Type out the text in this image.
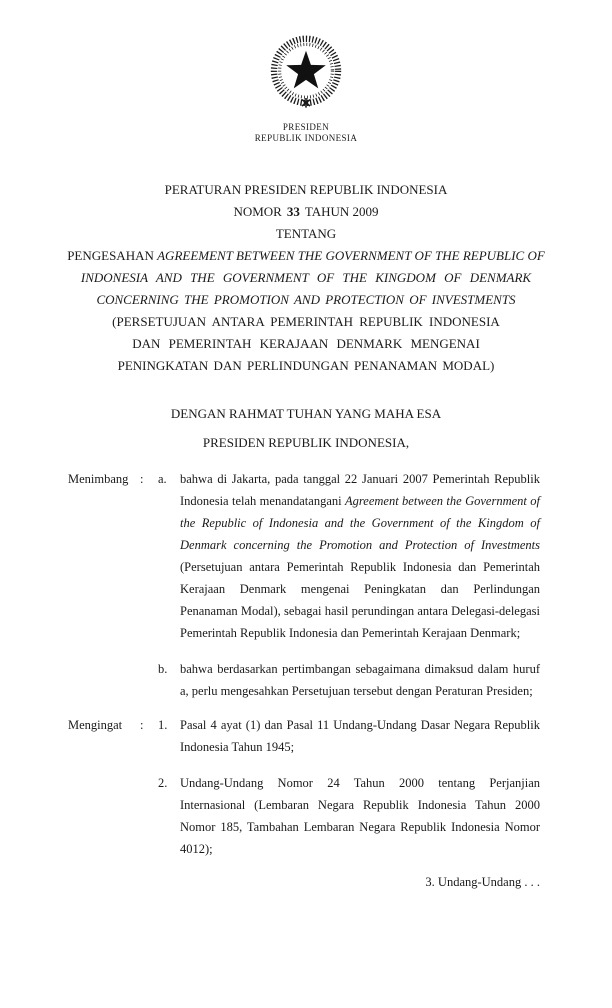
PRESIDEN
REPUBLIK INDONESIA
PERATURAN PRESIDEN REPUBLIK INDONESIA
NOMOR 33 TAHUN 2009
TENTANG
PENGESAHAN AGREEMENT BETWEEN THE GOVERNMENT OF THE REPUBLIC OF
INDONESIA AND THE GOVERNMENT OF THE KINGDOM OF DENMARK
CONCERNING THE PROMOTION AND PROTECTION OF INVESTMENTS
(PERSETUJUAN ANTARA PEMERINTAH REPUBLIK INDONESIA
DAN PEMERINTAH KERAJAAN DENMARK MENGENAI
PENINGKATAN DAN PERLINDUNGAN PENANAMAN MODAL)
DENGAN RAHMAT TUHAN YANG MAHA ESA
PRESIDEN REPUBLIK INDONESIA,
Menimbang :	a.	bahwa di Jakarta, pada tanggal 22 Januari 2007 Pemerintah Republik Indonesia telah menandatangani Agreement between the Government of the Republic of Indonesia and the Government of the Kingdom of Denmark concerning the Promotion and Protection of Investments (Persetujuan antara Pemerintah Republik Indonesia dan Pemerintah Kerajaan Denmark mengenai Peningkatan dan Perlindungan Penanaman Modal), sebagai hasil perundingan antara Delegasi-delegasi Pemerintah Republik Indonesia dan Pemerintah Kerajaan Denmark;

b.	bahwa berdasarkan pertimbangan sebagaimana dimaksud dalam huruf a, perlu mengesahkan Persetujuan tersebut dengan Peraturan Presiden;

Mengingat	:	1.	Pasal 4 ayat (1) dan Pasal 11 Undang-Undang Dasar Negara Republik Indonesia Tahun 1945;

2.	Undang-Undang Nomor 24 Tahun 2000 tentang Perjanjian Internasional (Lembaran Negara Republik Indonesia Tahun 2000 Nomor 185, Tambahan Lembaran Negara Republik Indonesia Nomor 4012);

3. Undang-Undang . . .
